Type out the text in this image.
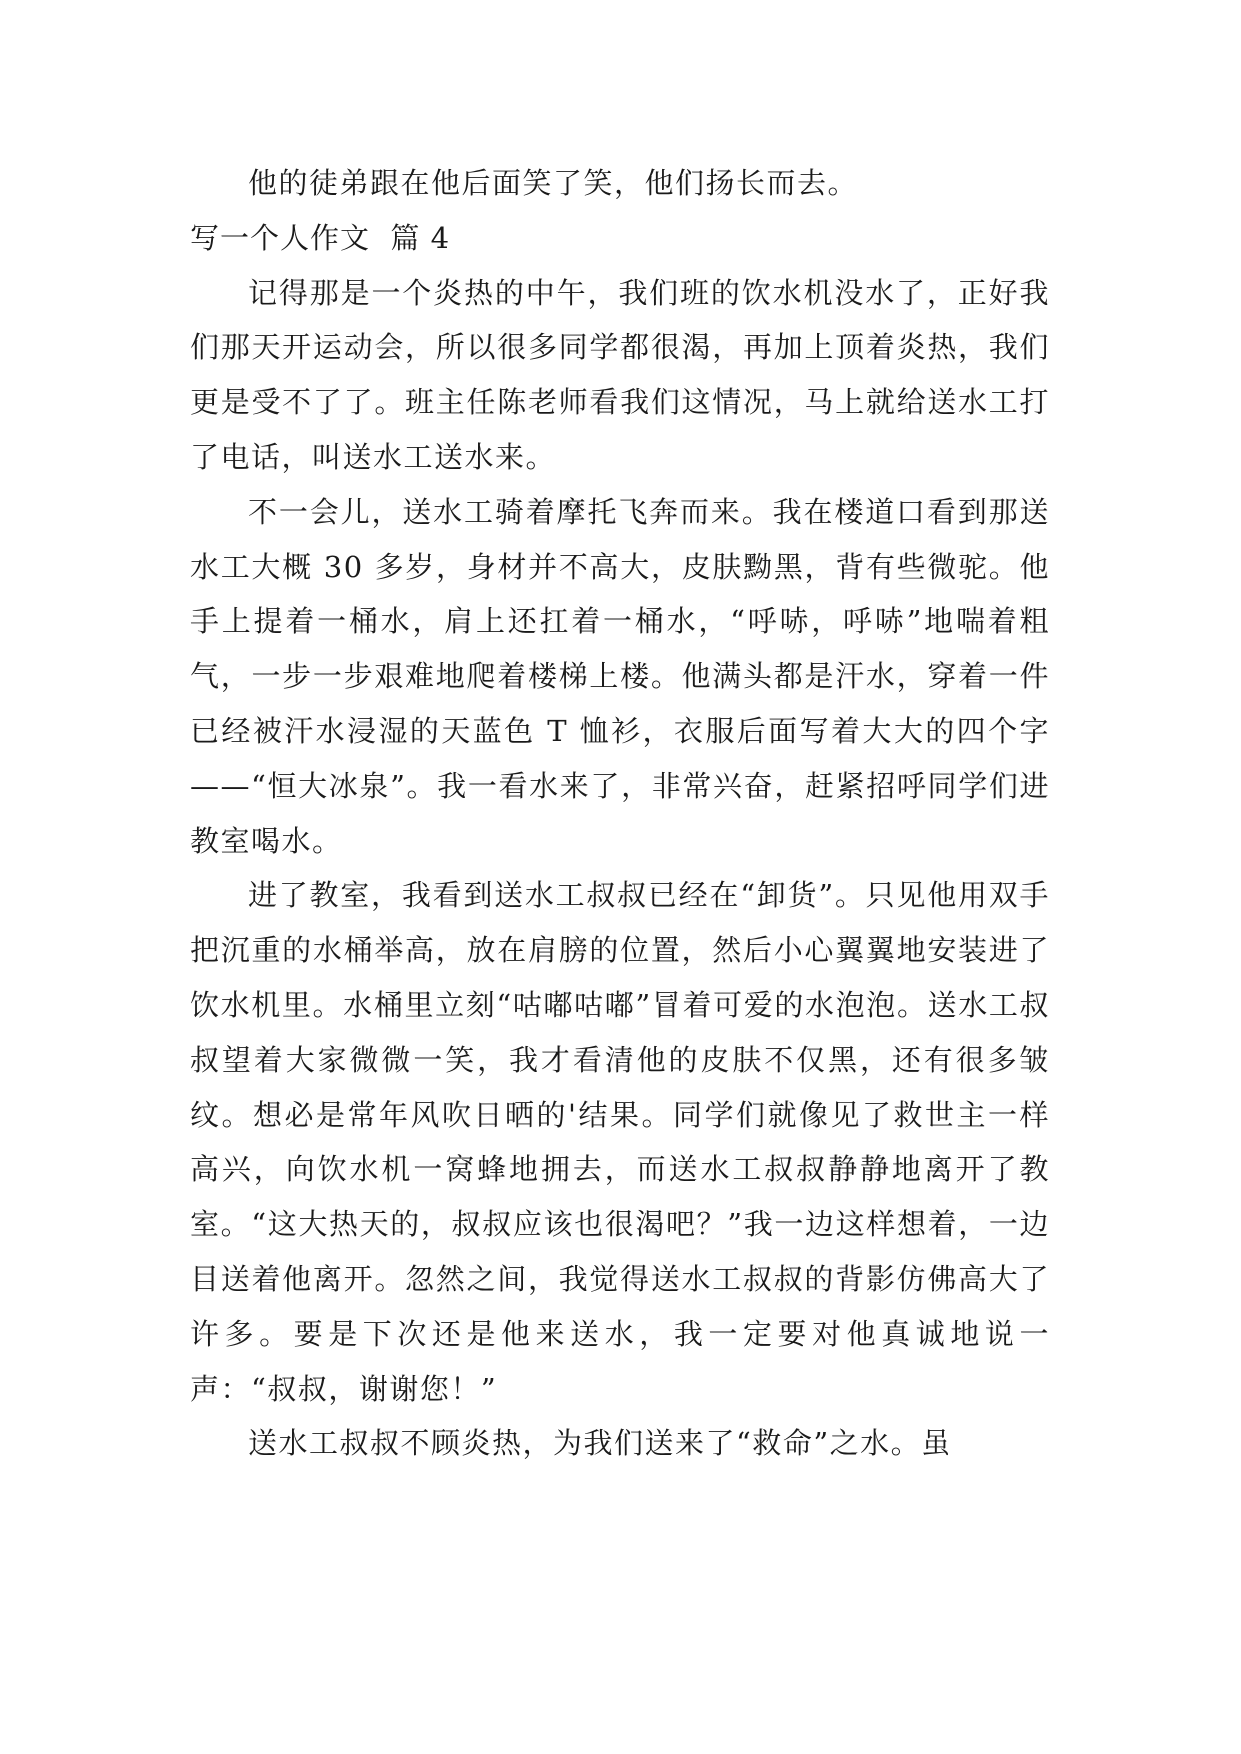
他的徒弟跟在他后面笑了笑，他们扬长而去。

写一个人作文  篇 4

记得那是一个炎热的中午，我们班的饮水机没水了，正好我们那天开运动会，所以很多同学都很渴，再加上顶着炎热，我们更是受不了了。班主任陈老师看我们这情况，马上就给送水工打了电话，叫送水工送水来。

不一会儿，送水工骑着摩托飞奔而来。我在楼道口看到那送水工大概 30 多岁，身材并不高大，皮肤黝黑，背有些微驼。他手上提着一桶水，肩上还扛着一桶水，“呼哧，呼哧”地喘着粗气，一步一步艰难地爬着楼梯上楼。他满头都是汗水，穿着一件已经被汗水浸湿的天蓝色 T 恤衫，衣服后面写着大大的四个字——“恒大冰泉”。我一看水来了，非常兴奋，赶紧招呼同学们进教室喝水。

进了教室，我看到送水工叔叔已经在“卸货”。只见他用双手把沉重的水桶举高，放在肩膀的位置，然后小心翼翼地安装进了饮水机里。水桶里立刻“咕嘟咕嘟”冒着可爱的水泡泡。送水工叔叔望着大家微微一笑，我才看清他的皮肤不仅黑，还有很多皱纹。想必是常年风吹日晒的'结果。同学们就像见了救世主一样高兴，向饮水机一窝蜂地拥去，而送水工叔叔静静地离开了教室。“这大热天的，叔叔应该也很渴吧？”我一边这样想着，一边目送着他离开。忽然之间，我觉得送水工叔叔的背影仿佛高大了许多。要是下次还是他来送水，我一定要对他真诚地说一声：“叔叔，谢谢您！”

送水工叔叔不顾炎热，为我们送来了“救命”之水。虽
